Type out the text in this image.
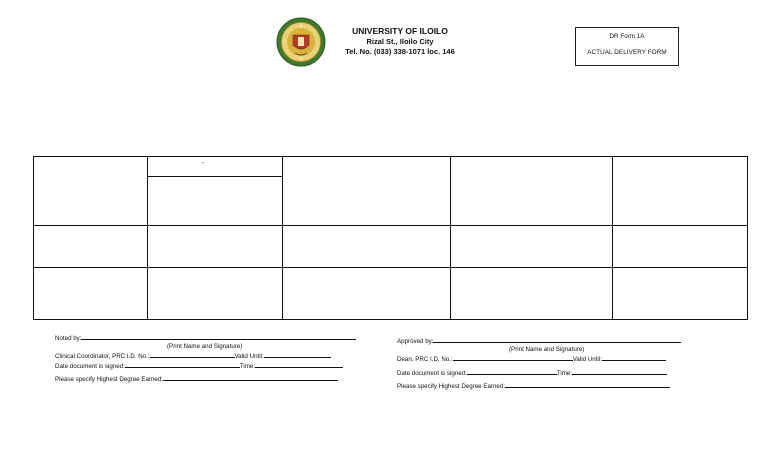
UNIVERSITY OF ILOILO
Rizal St., Iloilo City
Tel. No. (033) 338-1071 loc. 146
DR Form 1A
ACTUAL DELIVERY FORM
-
Noted by:
(Print Name and Signature)
Clinical Coordinator, PRC I.D. No.:	Valid Until:
Date document is signed:	Time:
Please specify Highest Degree Earned:
Approved by:
(Print Name and Signature)
Dean, PRC I.D. No.:	Valid Until:
Date document is signed:	Time:
Please specify Highest Degree Earned:
